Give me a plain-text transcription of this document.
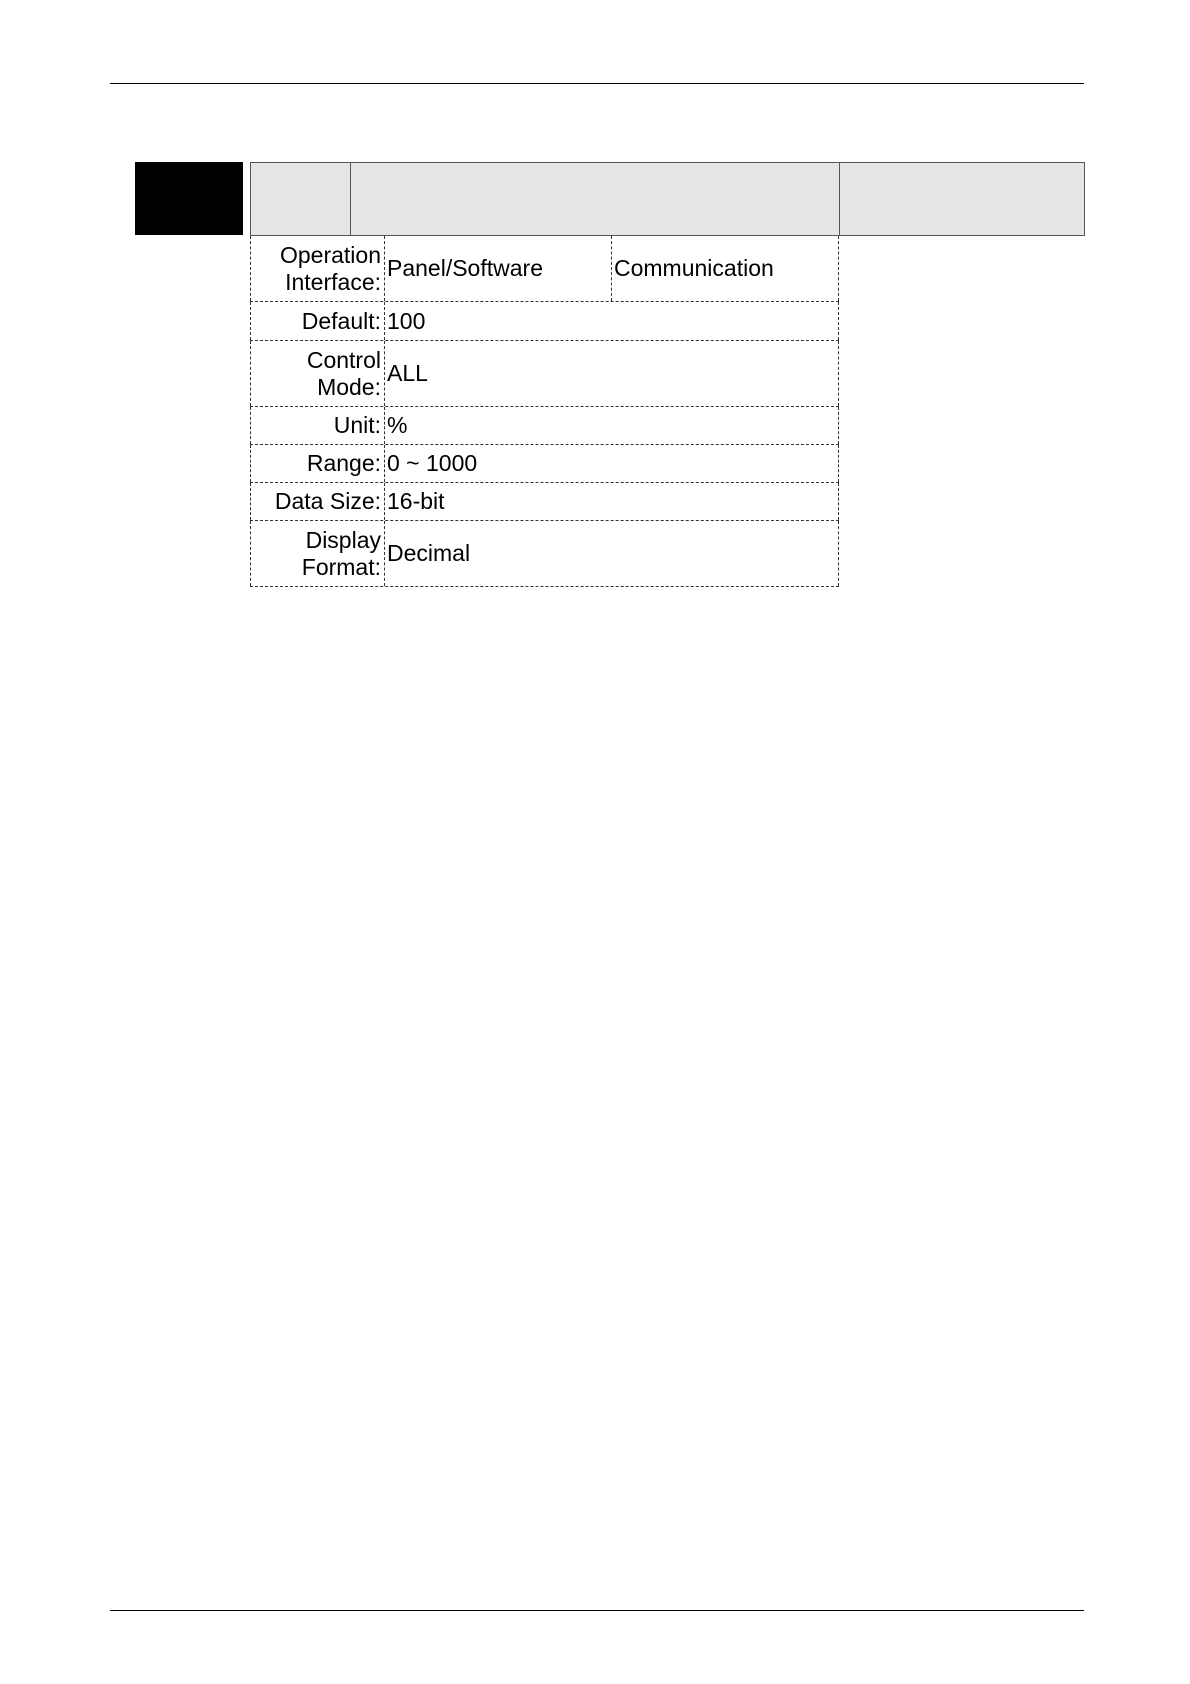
Operation
Interface:
Panel/Software	Communication
Default: 100
Control
Mode:
ALL
Unit: %
Range: 0 ~ 1000
Data Size: 16-bit
Display
Format:
Decimal
